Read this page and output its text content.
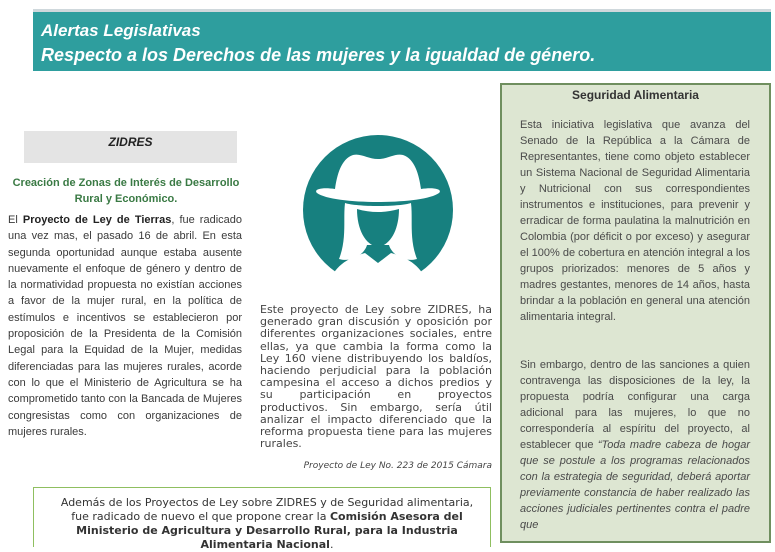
Alertas Legislativas
Respecto a los Derechos de las mujeres y la igualdad de género.
ZIDRES
Creación de Zonas de Interés de Desarrollo Rural y Económico.
El Proyecto de Ley de Tierras, fue radicado una vez mas, el pasado 16 de abril. En esta segunda oportunidad aunque estaba ausente nuevamente el enfoque de género y dentro de la normatividad propuesta no existían acciones a favor de la mujer rural, en la política de estímulos e incentivos se establecieron por proposición de la Presidenta de la Comisión Legal para la Equidad de la Mujer, medidas diferenciadas para las mujeres rurales, acorde con lo que el Ministerio de Agricultura se ha comprometido tanto con la Bancada de Mujeres congresistas como con organizaciones de mujeres rurales.
Este proyecto de Ley sobre ZIDRES, ha generado gran discusión y oposición por diferentes organizaciones sociales, entre ellas, ya que cambia la forma como la Ley 160 viene distribuyendo los baldíos, haciendo perjudicial para la población campesina el acceso a dichos predios y su participación en proyectos productivos. Sin embargo, sería útil analizar el impacto diferenciado que la reforma propuesta tiene para las mujeres rurales.
Proyecto de Ley No. 223 de 2015 Cámara
Seguridad Alimentaria
Esta iniciativa legislativa que avanza del Senado de la República a la Cámara de Representantes, tiene como objeto establecer un Sistema Nacional de Seguridad Alimentaria y Nutricional con sus correspondientes instrumentos e instituciones, para prevenir y erradicar de forma paulatina la malnutrición en Colombia (por déficit o por exceso) y asegurar el 100% de cobertura en atención integral a los grupos priorizados: menores de 5 años y madres gestantes, menores de 14 años, hasta brindar a la población en general una atención alimentaria integral.
Sin embargo, dentro de las sanciones a quien contravenga las disposiciones de la ley, la propuesta podría configurar una carga adicional para las mujeres, lo que no correspondería al espíritu del proyecto, al establecer que “Toda madre cabeza de hogar que se postule a los programas relacionados con la estrategia de seguridad, deberá aportar previamente constancia de haber realizado las acciones judiciales pertinentes contra el padre que

Además de los Proyectos de Ley sobre ZIDRES y de Seguridad alimentaria, fue radicado de nuevo el que propone crear la Comisión Asesora del Ministerio de Agricultura y Desarrollo Rural, para la Industria Alimentaria Nacional.
